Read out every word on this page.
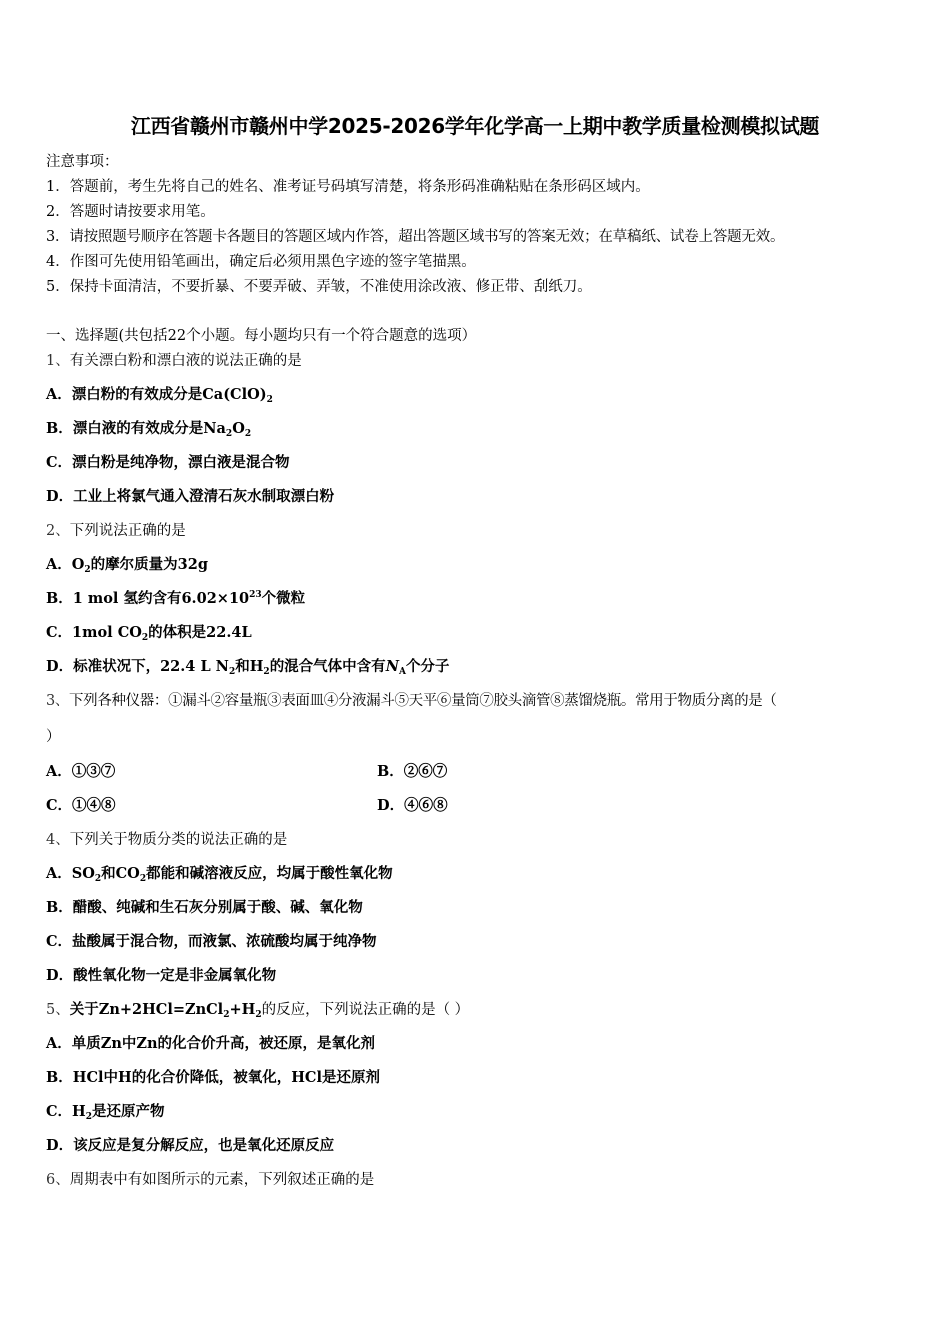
江西省赣州市赣州中学2025-2026学年化学高一上期中教学质量检测模拟试题
注意事项：
1．答题前，考生先将自己的姓名、准考证号码填写清楚，将条形码准确粘贴在条形码区域内。
2．答题时请按要求用笔。
3．请按照题号顺序在答题卡各题目的答题区域内作答，超出答题区域书写的答案无效；在草稿纸、试卷上答题无效。
4．作图可先使用铅笔画出，确定后必须用黑色字迹的签字笔描黑。
5．保持卡面清洁，不要折暴、不要弄破、弄皱，不准使用涂改液、修正带、刮纸刀。
一、选择题(共包括22个小题。每小题均只有一个符合题意的选项）
1、有关漂白粉和漂白液的说法正确的是
A．漂白粉的有效成分是$Ca(ClO)_2$
B．漂白液的有效成分是$Na_2O_2$
C．漂白粉是纯净物，漂白液是混合物
D．工业上将氯气通入澄清石灰水制取漂白粉
2、下列说法正确的是
A．$O_2$的摩尔质量为32g
B．1 mol 氢约含有$6.02\times 10^{23}$个微粒
C．1mol $CO_2$的体积是22.4L
D．标准状况下，22.4 L $N_2$和$H_2$的混合气体中含有$N_A$个分子
3、下列各种仪器：①漏斗②容量瓶③表面皿④分液漏斗⑤天平⑥量筒⑦胶头滴管⑧蒸馏烧瓶。常用于物质分离的是（
）
A．①③⑦	B．②⑥⑦
C．①④⑧	D．④⑥⑧
4、下列关于物质分类的说法正确的是
A．$SO_2$和$CO_2$都能和碱溶液反应，均属于酸性氧化物
B．醋酸、纯碱和生石灰分别属于酸、碱、氧化物
C．盐酸属于混合物，而液氯、浓硫酸均属于纯净物
D．酸性氧化物一定是非金属氧化物
5、关于$Zn+2HCl=ZnCl_2+H_2$的反应，下列说法正确的是（ ）
A．单质Zn中Zn的化合价升高，被还原，是氧化剂
B．HCl中H的化合价降低，被氧化，HCl是还原剂
C．$H_2$是还原产物
D．该反应是复分解反应，也是氧化还原反应
6、周期表中有如图所示的元素，下列叙述正确的是
